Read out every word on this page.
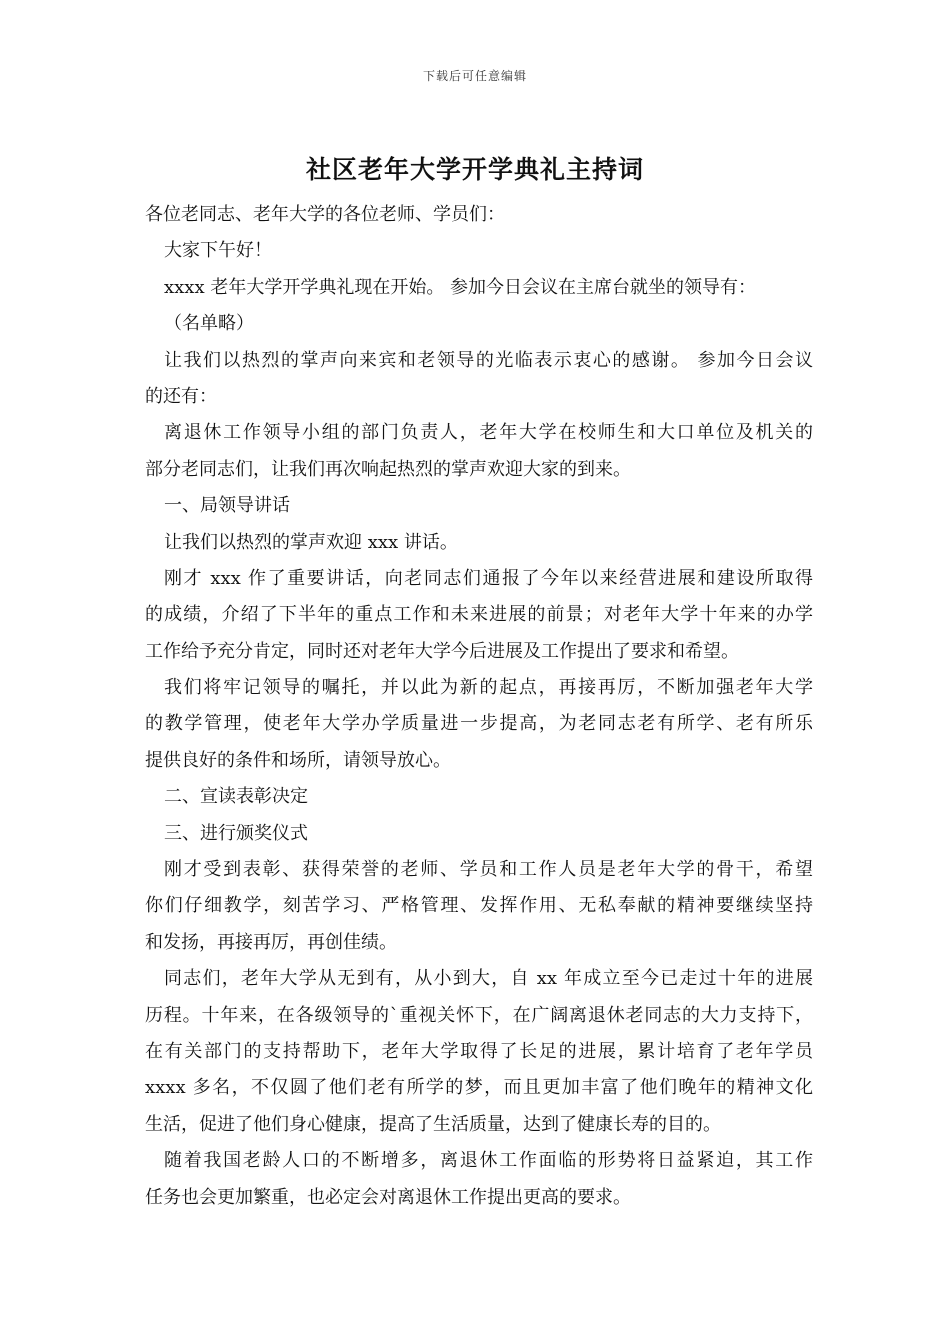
下载后可任意编辑
社区老年大学开学典礼主持词
各位老同志、老年大学的各位老师、学员们：
大家下午好！
xxxx 老年大学开学典礼现在开始。 参加今日会议在主席台就坐的领导有：
（名单略）
让我们以热烈的掌声向来宾和老领导的光临表示衷心的感谢。 参加今日会议
的还有：
离退休工作领导小组的部门负责人，老年大学在校师生和大口单位及机关的
部分老同志们，让我们再次响起热烈的掌声欢迎大家的到来。
一、局领导讲话
让我们以热烈的掌声欢迎 xxx 讲话。
刚才 xxx 作了重要讲话，向老同志们通报了今年以来经营进展和建设所取得
的成绩，介绍了下半年的重点工作和未来进展的前景；对老年大学十年来的办学
工作给予充分肯定，同时还对老年大学今后进展及工作提出了要求和希望。
我们将牢记领导的嘱托，并以此为新的起点，再接再厉，不断加强老年大学
的教学管理，使老年大学办学质量进一步提高，为老同志老有所学、老有所乐
提供良好的条件和场所，请领导放心。
二、宣读表彰决定
三、进行颁奖仪式
刚才受到表彰、获得荣誉的老师、学员和工作人员是老年大学的骨干，希望
你们仔细教学，刻苦学习、严格管理、发挥作用、无私奉献的精神要继续坚持
和发扬，再接再厉，再创佳绩。
同志们，老年大学从无到有，从小到大，自 xx 年成立至今已走过十年的进展
历程。十年来，在各级领导的`重视关怀下，在广阔离退休老同志的大力支持下，
在有关部门的支持帮助下，老年大学取得了长足的进展，累计培育了老年学员
xxxx 多名，不仅圆了他们老有所学的梦，而且更加丰富了他们晚年的精神文化
生活，促进了他们身心健康，提高了生活质量，达到了健康长寿的目的。
随着我国老龄人口的不断增多，离退休工作面临的形势将日益紧迫，其工作
任务也会更加繁重，也必定会对离退休工作提出更高的要求。
